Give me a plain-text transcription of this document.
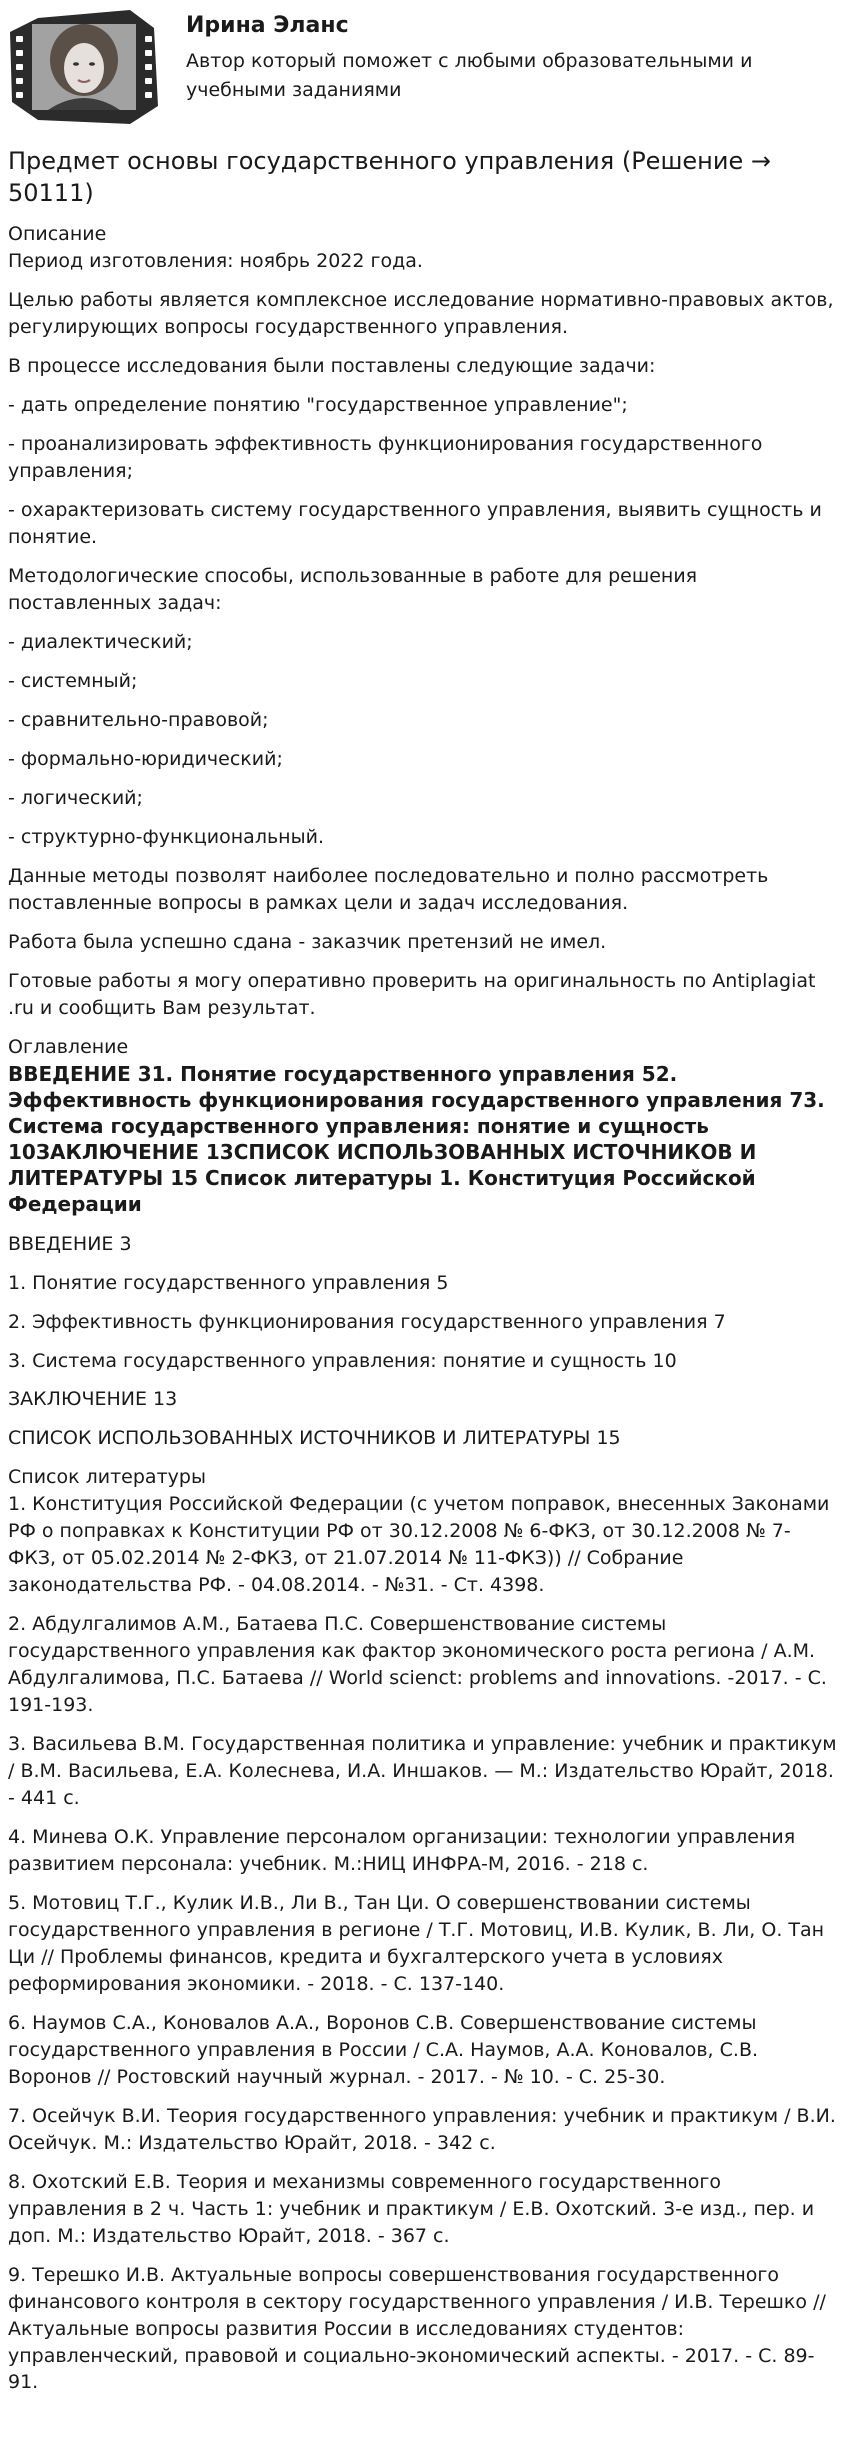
Ирина Эланс
Автор который поможет с любыми образовательными и учебными заданиями
Предмет основы государственного управления (Решение → 50111)
Описание

Период изготовления: ноябрь 2022 года.

Целью работы является комплексное исследование нормативно-правовых актов, регулирующих вопросы государственного управления.

В процессе исследования были поставлены следующие задачи:

- дать определение понятию "государственное управление";

- проанализировать эффективность функционирования государственного управления;

- охарактеризовать систему государственного управления, выявить сущность и понятие.

Методологические способы, использованные в работе для решения поставленных задач:

- диалектический;

- системный;

- сравнительно-правовой;

- формально-юридический;

- логический;

- структурно-функциональный.

Данные методы позволят наиболее последовательно и полно рассмотреть поставленные вопросы в рамках цели и задач исследования.

Работа была успешно сдана - заказчик претензий не имел.

Готовые работы я могу оперативно проверить на оригинальность по Antiplagiat .ru и сообщить Вам результат.

Оглавление
ВВЕДЕНИЕ 31. Понятие государственного управления 52. Эффективность функционирования государственного управления 73. Система государственного управления: понятие и сущность 10ЗАКЛЮЧЕНИЕ 13СПИСОК ИСПОЛЬЗОВАННЫХ ИСТОЧНИКОВ И ЛИТЕРАТУРЫ 15 Список литературы 1. Конституция Российской Федерации

ВВЕДЕНИЕ 3

1. Понятие государственного управления 5

2. Эффективность функционирования государственного управления 7

3. Система государственного управления: понятие и сущность 10

ЗАКЛЮЧЕНИЕ 13

СПИСОК ИСПОЛЬЗОВАННЫХ ИСТОЧНИКОВ И ЛИТЕРАТУРЫ 15

Список литературы

1. Конституция Российской Федерации (с учетом поправок, внесенных Законами РФ о поправках к Конституции РФ от 30.12.2008 № 6-ФКЗ, от 30.12.2008 № 7-ФКЗ, от 05.02.2014 № 2-ФКЗ, от 21.07.2014 № 11-ФКЗ)) // Собрание законодательства РФ. - 04.08.2014. - №31. - Ст. 4398.

2. Абдулгалимов А.М., Батаева П.С. Совершенствование системы государственного управления как фактор экономического роста региона / А.М. Абдулгалимова, П.С. Батаева // World scienct: problems and innovations. -2017. - С. 191-193.

3. Васильева В.М. Государственная политика и управление: учебник и практикум / В.М. Васильева, Е.А. Колеснева, И.А. Иншаков. — М.: Издательство Юрайт, 2018. - 441 с.

4. Минева О.К. Управление персоналом организации: технологии управления развитием персонала: учебник. М.:НИЦ ИНФРА-М, 2016. - 218 с.

5. Мотовиц Т.Г., Кулик И.В., Ли В., Тан Ци. О совершенствовании системы государственного управления в регионе / Т.Г. Мотовиц, И.В. Кулик, В. Ли, О. Тан Ци // Проблемы финансов, кредита и бухгалтерского учета в условиях реформирования экономики. - 2018. - С. 137-140.

6. Наумов С.А., Коновалов А.А., Воронов С.В. Совершенствование системы государственного управления в России / С.А. Наумов, А.А. Коновалов, С.В. Воронов // Ростовский научный журнал. - 2017. - № 10. - С. 25-30.

7. Осейчук В.И. Теория государственного управления: учебник и практикум / В.И. Осейчук. М.: Издательство Юрайт, 2018. - 342 с.

8. Охотский Е.В. Теория и механизмы современного государственного управления в 2 ч. Часть 1: учебник и практикум / Е.В. Охотский. 3-е изд., пер. и доп. М.: Издательство Юрайт, 2018. - 367 с.

9. Терешко И.В. Актуальные вопросы совершенствования государственного финансового контроля в сектору государственного управления / И.В. Терешко // Актуальные вопросы развития России в исследованиях студентов: управленческий, правовой и социально-экономический аспекты. - 2017. - С. 89-91.
